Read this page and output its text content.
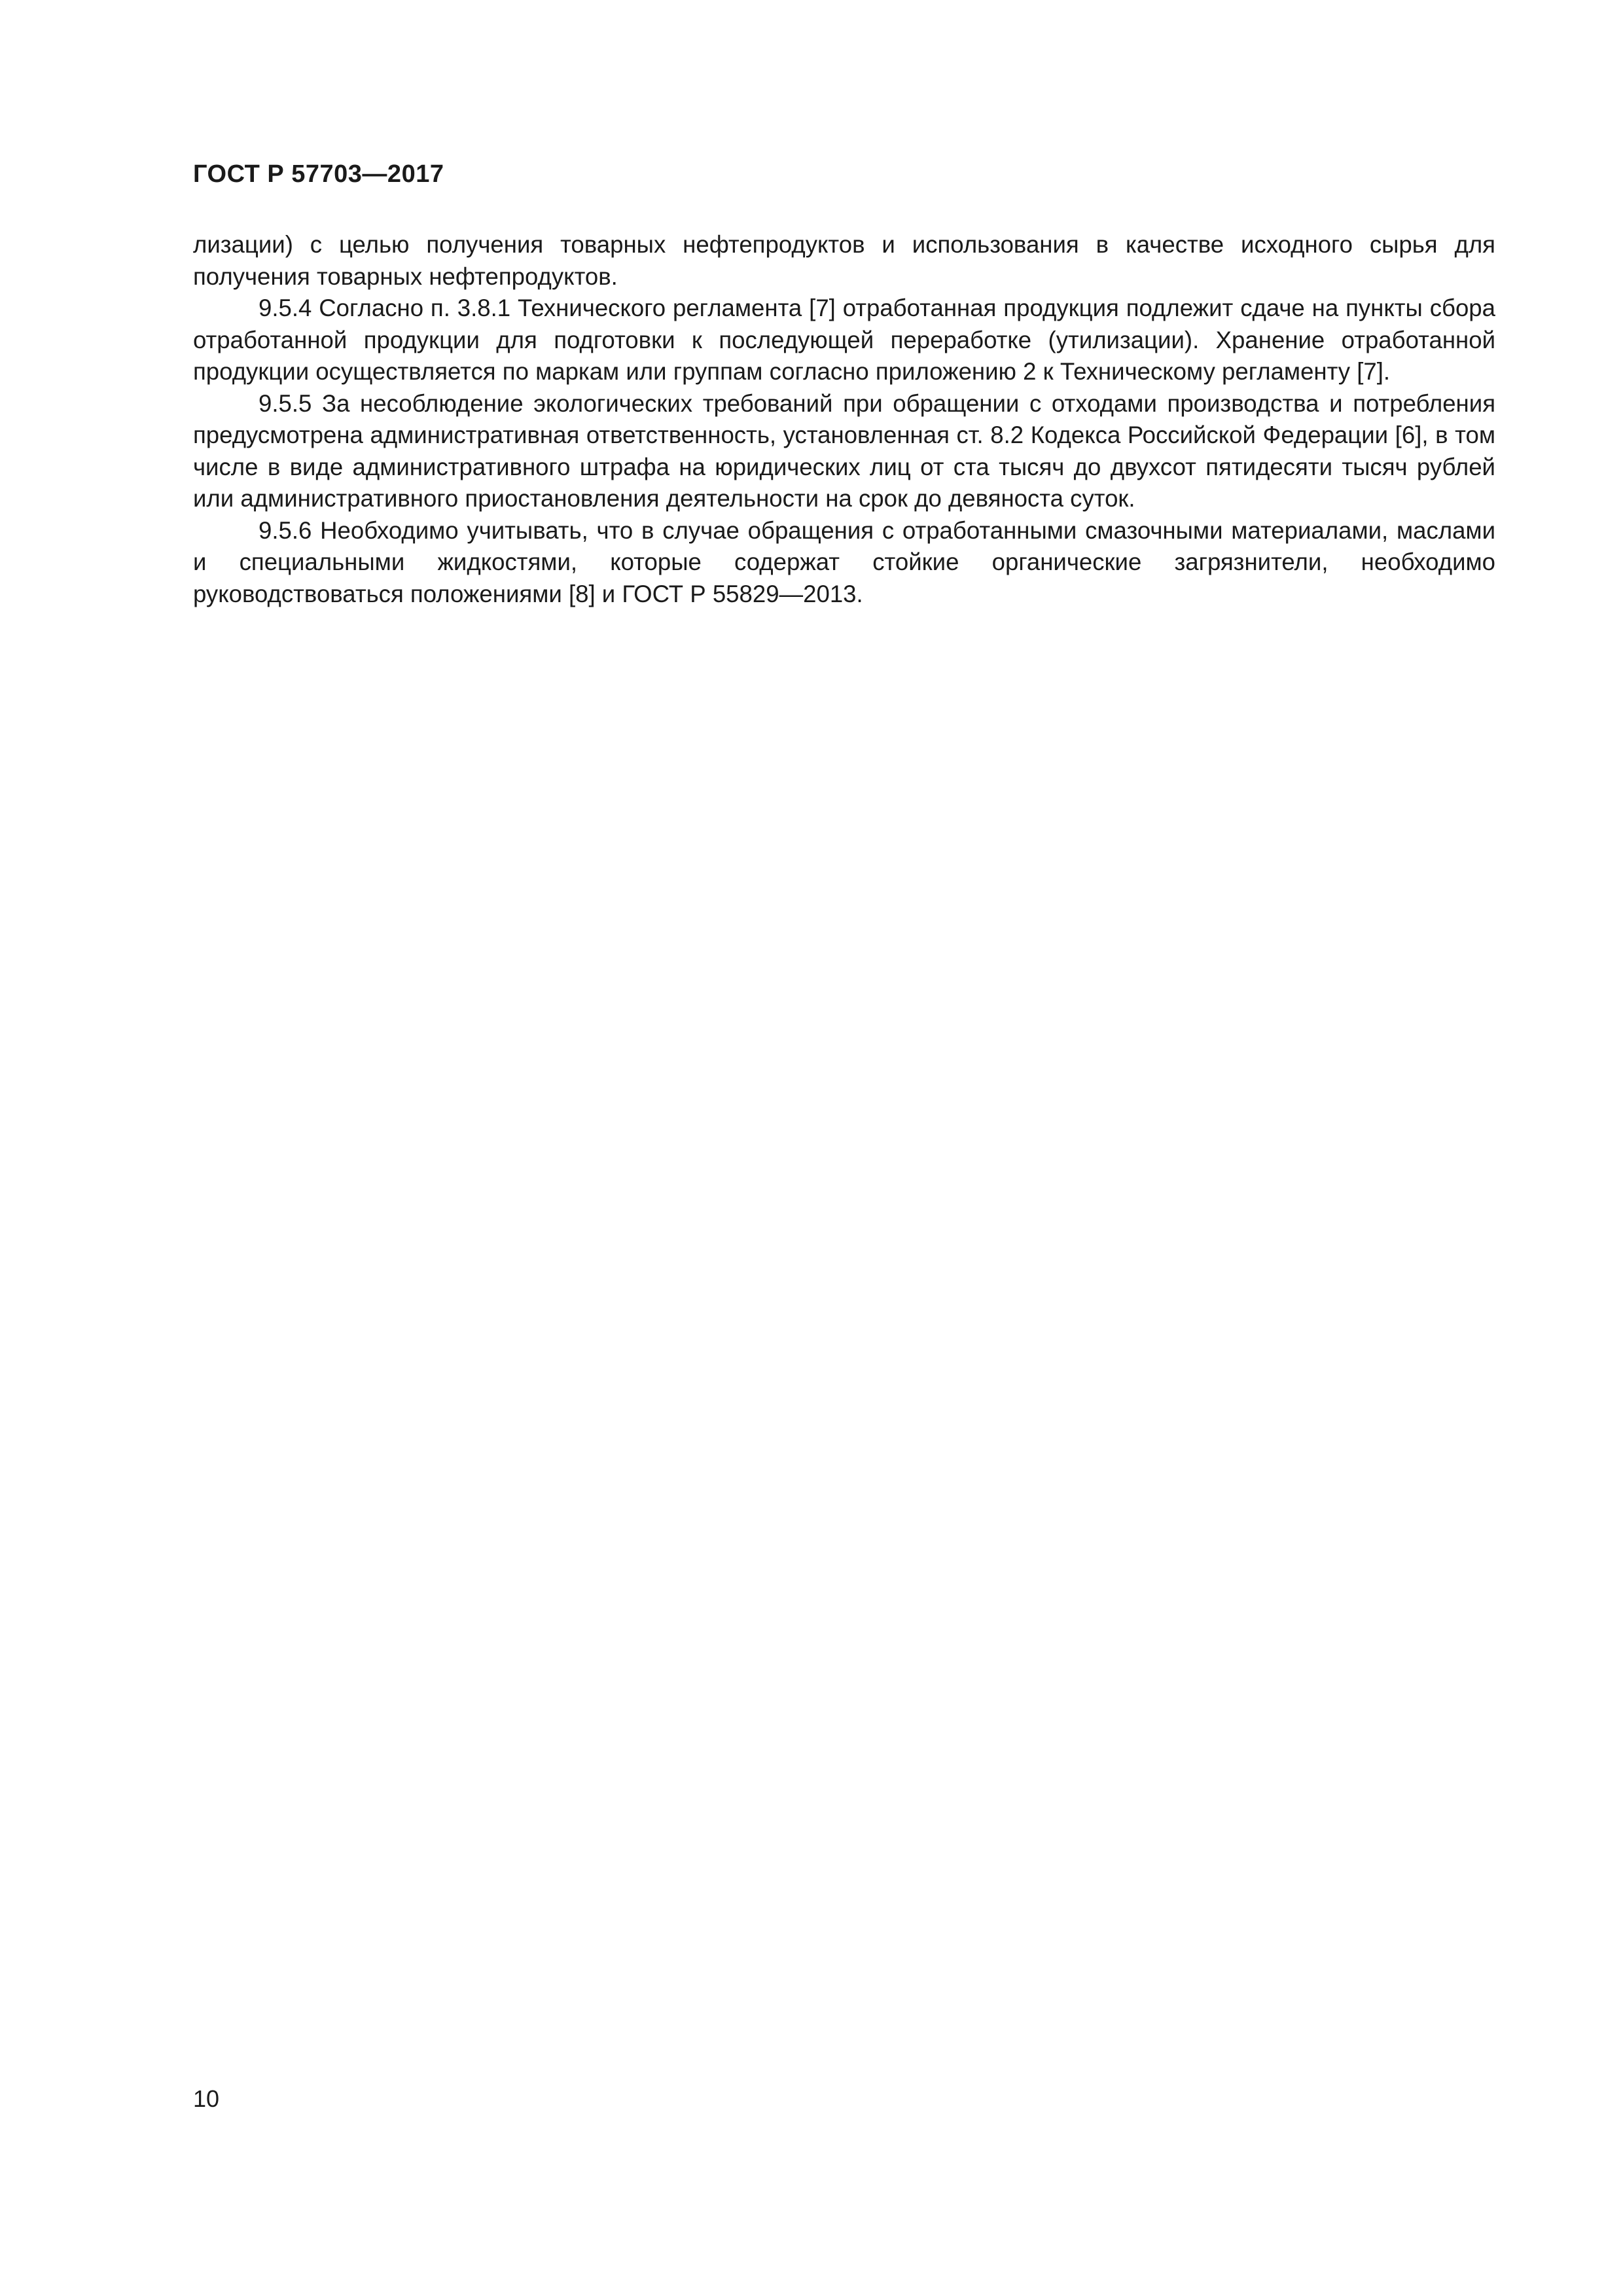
ГОСТ Р 57703—2017

лизации) с целью получения товарных нефтепродуктов и использования в качестве исходного сырья для получения товарных нефтепродуктов.

9.5.4 Согласно п. 3.8.1 Технического регламента [7] отработанная продукция подлежит сдаче на пункты сбора отработанной продукции для подготовки к последующей переработке (утилизации). Хранение отработанной продукции осуществляется по маркам или группам согласно приложению 2 к Техническому регламенту [7].

9.5.5 За несоблюдение экологических требований при обращении с отходами производства и потребления предусмотрена административная ответственность, установленная ст. 8.2 Кодекса Российской Федерации [6], в том числе в виде административного штрафа на юридических лиц от ста тысяч до двухсот пятидесяти тысяч рублей или административного приостановления деятельности на срок до девяноста суток.

9.5.6 Необходимо учитывать, что в случае обращения с отработанными смазочными материалами, маслами и специальными жидкостями, которые содержат стойкие органические загрязнители, необходимо руководствоваться положениями [8] и ГОСТ Р 55829—2013.

10
